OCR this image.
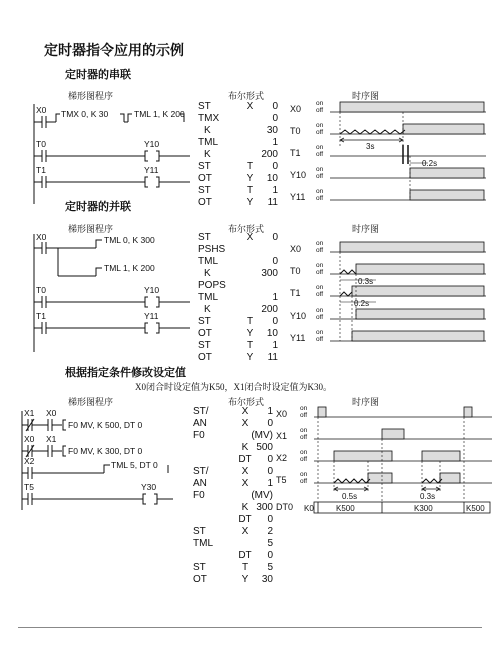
定时器指令应用的示例
定时器的串联
梯形图程序	布尔形式	时序图
X0 TMX 0, K 30	TML 1, K 200
T0	Y10
T1	Y11
ST	X	0
TMX	0
K	30
TML	1
K	200
ST	T	0
OT	Y	10
ST	T	1
OT	Y	11
X0
T0
T1
Y10
Y11
on
off
on
off
on
off
on
off
on
off
3s
0.2s
定时器的并联
梯形图程序	布尔形式	时序图
X0	TML 0, K 300
TML 1, K 200
T0	Y10
T1	Y11
ST	X	0
PSHS
TML	0
K	300
POPS
TML	1
K	200
ST	T	0
OT	Y	10
ST	T	1
OT	Y	11
X0
T0
T1
Y10
Y11
on
off
on
off
on
off
on
off
on
off
0.3s
0.2s
根据指定条件修改设定值
X0闭合时设定值为K50，X1闭合时设定值为K30。
梯形图程序	布尔形式	时序图
X1 X0
F0 MV, K 500, DT 0
X0 X1
F0 MV, K 300, DT 0
X2	TML 5, DT 0
T5	Y30
ST/	X	1
AN	X	0
F0	(MV)
K 500
DT	0
ST/	X	0
AN	X	1
F0	(MV)
K 300
DT	0
ST	X	2
TML	5
DT	0
ST	T	5
OT	Y	30
X0
X1
X2
T5
DT0
on
off
on
off
on
off
on
off
0.5s	0.3s
K0	K500	K300	K500
